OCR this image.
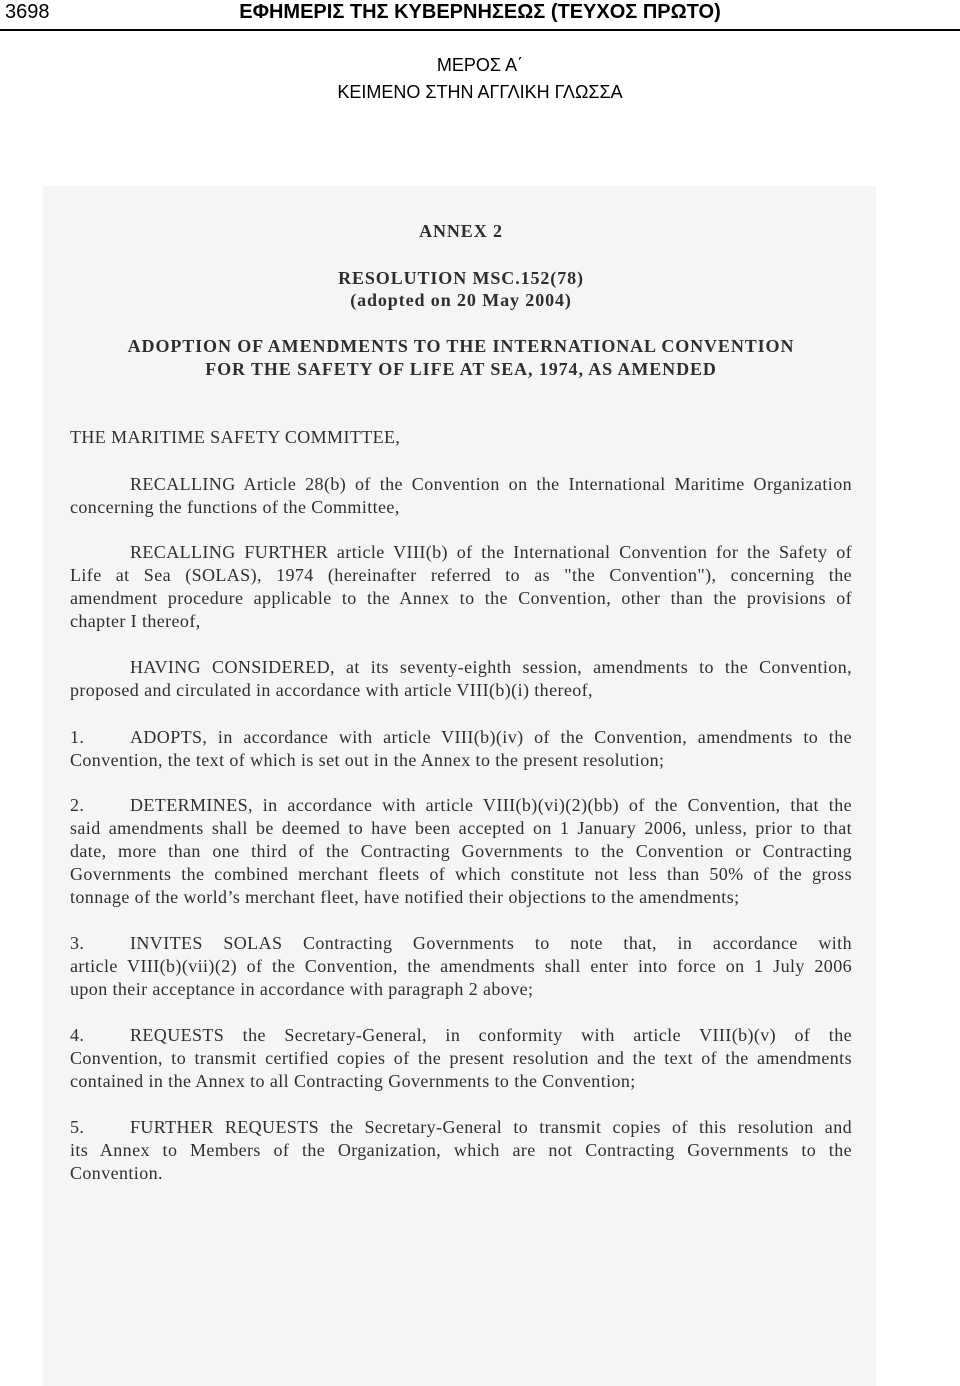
3698	ΕΦΗΜΕΡΙΣ ΤΗΣ ΚΥΒΕΡΝΗΣΕΩΣ (ΤΕΥΧΟΣ ΠΡΩΤΟ)
ΜΕΡΟΣ Α΄
ΚΕΙΜΕΝΟ ΣΤΗΝ ΑΓΓΛΙΚΗ ΓΛΩΣΣΑ
ANNEX 2
RESOLUTION MSC.152(78)
(adopted on 20 May 2004)
ADOPTION OF AMENDMENTS TO THE INTERNATIONAL CONVENTION
FOR THE SAFETY OF LIFE AT SEA, 1974, AS AMENDED
THE MARITIME SAFETY COMMITTEE,
RECALLING Article 28(b) of the Convention on the International Maritime Organization
concerning the functions of the Committee,
RECALLING FURTHER article VIII(b) of the International Convention for the Safety of
Life at Sea (SOLAS), 1974 (hereinafter referred to as "the Convention"), concerning the
amendment procedure applicable to the Annex to the Convention, other than the provisions of
chapter I thereof,
HAVING CONSIDERED, at its seventy-eighth session, amendments to the Convention,
proposed and circulated in accordance with article VIII(b)(i) thereof,
1.	ADOPTS, in accordance with article VIII(b)(iv) of the Convention, amendments to the
Convention, the text of which is set out in the Annex to the present resolution;
2.	DETERMINES, in accordance with article VIII(b)(vi)(2)(bb) of the Convention, that the
said amendments shall be deemed to have been accepted on 1 January 2006, unless, prior to that
date, more than one third of the Contracting Governments to the Convention or Contracting
Governments the combined merchant fleets of which constitute not less than 50% of the gross
tonnage of the world’s merchant fleet, have notified their objections to the amendments;
3.	INVITES SOLAS Contracting Governments to note that, in accordance with
article VIII(b)(vii)(2) of the Convention, the amendments shall enter into force on 1 July 2006
upon their acceptance in accordance with paragraph 2 above;
4.	REQUESTS the Secretary-General, in conformity with article VIII(b)(v) of the
Convention, to transmit certified copies of the present resolution and the text of the amendments
contained in the Annex to all Contracting Governments to the Convention;
5.	FURTHER REQUESTS the Secretary-General to transmit copies of this resolution and
its Annex to Members of the Organization, which are not Contracting Governments to the
Convention.
